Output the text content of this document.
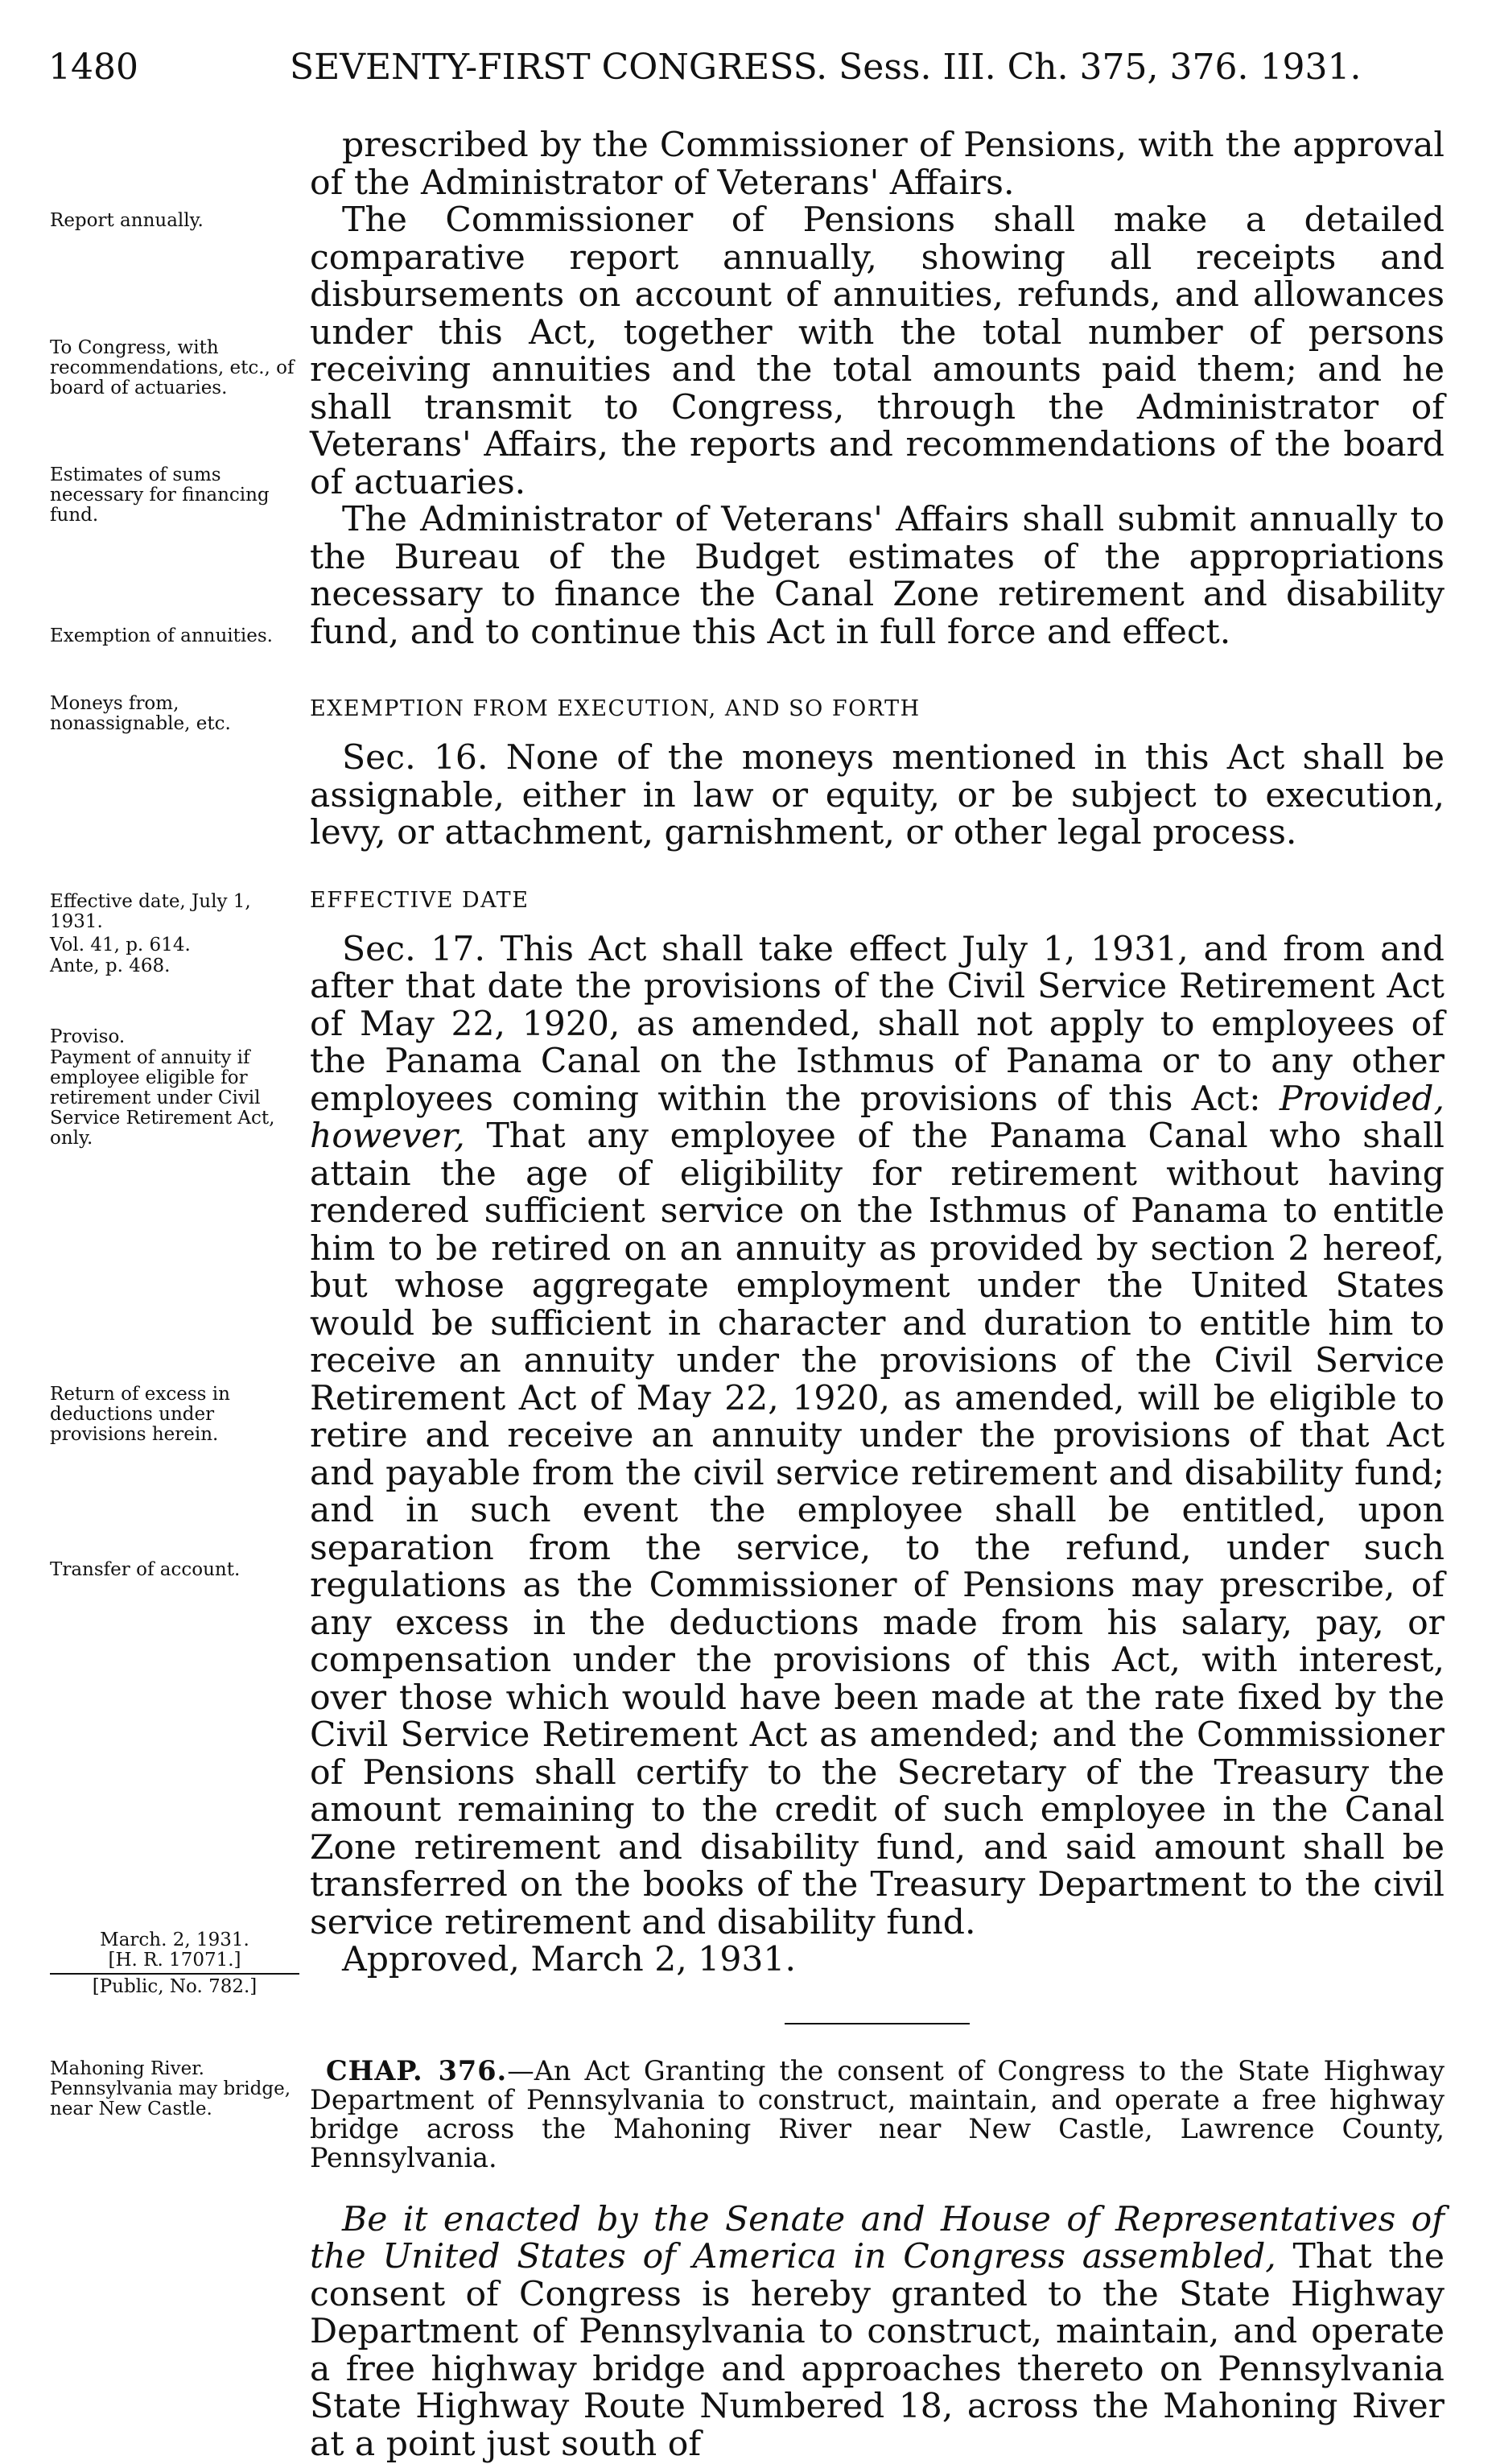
1480	SEVENTY-FIRST CONGRESS. Sess. III. Ch. 375, 376. 1931.
Report annually.
To Congress, with recommendations, etc., of board of actuaries.
Estimates of sums necessary for financing fund.
Exemption of annuities.
Moneys from, nonassignable, etc.
Effective date, July 1, 1931.
Vol. 41, p. 614.
Ante, p. 468.
Proviso.
Payment of annuity if employee eligible for retirement under Civil Service Retirement Act, only.
Return of excess in deductions under provisions herein.
Transfer of account.
March. 2, 1931.
[H. R. 17071.]
[Public, No. 782.]
Mahoning River. Pennsylvania may bridge, near New Castle.

prescribed by the Commissioner of Pensions, with the approval of the Administrator of Veterans' Affairs.

The Commissioner of Pensions shall make a detailed comparative report annually, showing all receipts and disbursements on account of annuities, refunds, and allowances under this Act, together with the total number of persons receiving annuities and the total amounts paid them; and he shall transmit to Congress, through the Administrator of Veterans' Affairs, the reports and recommendations of the board of actuaries.

The Administrator of Veterans' Affairs shall submit annually to the Bureau of the Budget estimates of the appropriations necessary to finance the Canal Zone retirement and disability fund, and to continue this Act in full force and effect.

EXEMPTION FROM EXECUTION, AND SO FORTH

Sec. 16. None of the moneys mentioned in this Act shall be assignable, either in law or equity, or be subject to execution, levy, or attachment, garnishment, or other legal process.

EFFECTIVE DATE

Sec. 17. This Act shall take effect July 1, 1931, and from and after that date the provisions of the Civil Service Retirement Act of May 22, 1920, as amended, shall not apply to employees of the Panama Canal on the Isthmus of Panama or to any other employees coming within the provisions of this Act: Provided, however, That any employee of the Panama Canal who shall attain the age of eligibility for retirement without having rendered sufficient service on the Isthmus of Panama to entitle him to be retired on an annuity as provided by section 2 hereof, but whose aggregate employment under the United States would be sufficient in character and duration to entitle him to receive an annuity under the provisions of the Civil Service Retirement Act of May 22, 1920, as amended, will be eligible to retire and receive an annuity under the provisions of that Act and payable from the civil service retirement and disability fund; and in such event the employee shall be entitled, upon separation from the service, to the refund, under such regulations as the Commissioner of Pensions may prescribe, of any excess in the deductions made from his salary, pay, or compensation under the provisions of this Act, with interest, over those which would have been made at the rate fixed by the Civil Service Retirement Act as amended; and the Commissioner of Pensions shall certify to the Secretary of the Treasury the amount remaining to the credit of such employee in the Canal Zone retirement and disability fund, and said amount shall be transferred on the books of the Treasury Department to the civil service retirement and disability fund.

Approved, March 2, 1931.

CHAP. 376.—An Act Granting the consent of Congress to the State Highway Department of Pennsylvania to construct, maintain, and operate a free highway bridge across the Mahoning River near New Castle, Lawrence County, Pennsylvania.

Be it enacted by the Senate and House of Representatives of the United States of America in Congress assembled, That the consent of Congress is hereby granted to the State Highway Department of Pennsylvania to construct, maintain, and operate a free highway bridge and approaches thereto on Pennsylvania State Highway Route Numbered 18, across the Mahoning River at a point just south of
